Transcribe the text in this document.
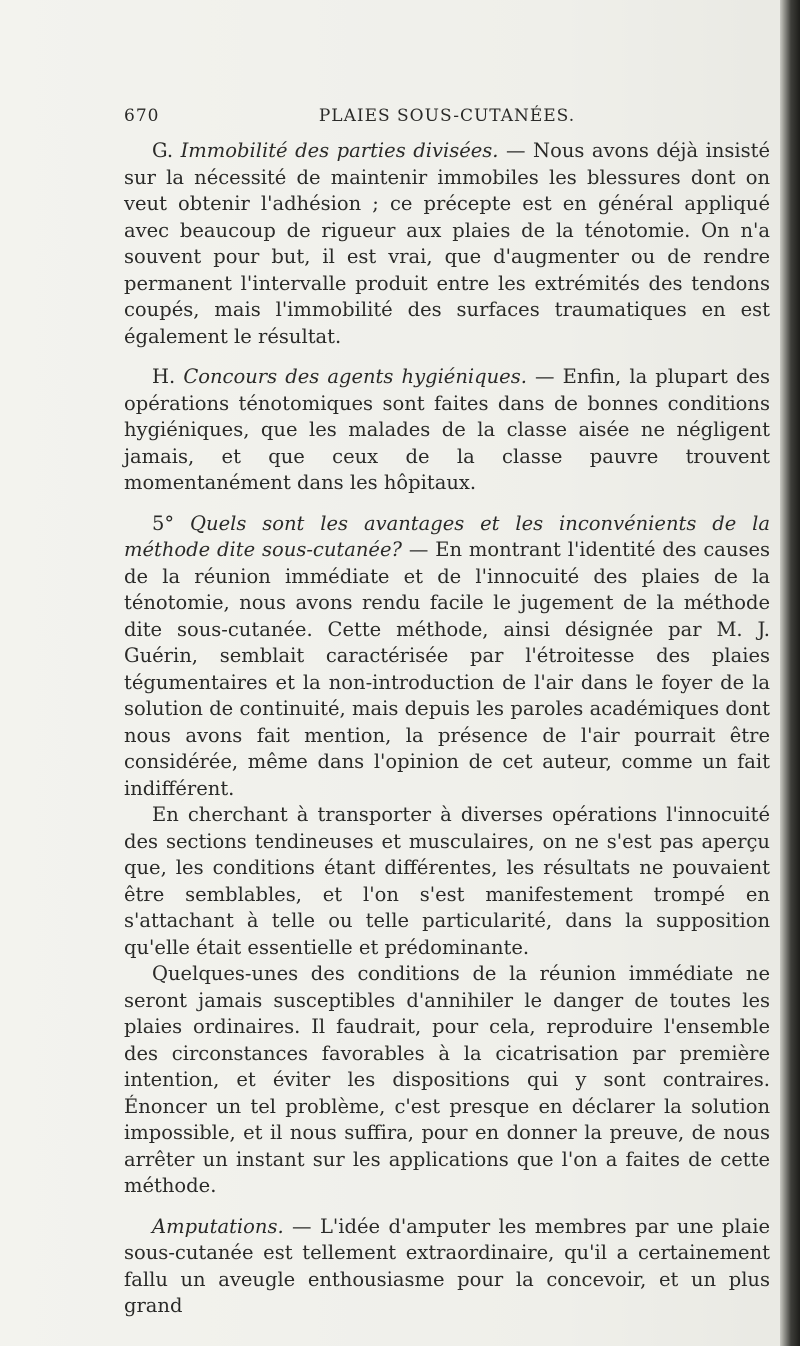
670	PLAIES SOUS-CUTANÉES.

G. Immobilité des parties divisées. — Nous avons déjà insisté sur la nécessité de maintenir immobiles les blessures dont on veut obtenir l'adhésion ; ce précepte est en général appliqué avec beaucoup de rigueur aux plaies de la ténotomie. On n'a souvent pour but, il est vrai, que d'augmenter ou de rendre permanent l'intervalle produit entre les extrémités des tendons coupés, mais l'immobilité des surfaces traumatiques en est également le résultat.

H. Concours des agents hygiéniques. — Enfin, la plupart des opérations ténotomiques sont faites dans de bonnes conditions hygiéniques, que les malades de la classe aisée ne négligent jamais, et que ceux de la classe pauvre trouvent momentanément dans les hôpitaux.

5° Quels sont les avantages et les inconvénients de la méthode dite sous-cutanée? — En montrant l'identité des causes de la réunion immédiate et de l'innocuité des plaies de la ténotomie, nous avons rendu facile le jugement de la méthode dite sous-cutanée. Cette méthode, ainsi désignée par M. J. Guérin, semblait caractérisée par l'étroitesse des plaies tégumentaires et la non-introduction de l'air dans le foyer de la solution de continuité, mais depuis les paroles académiques dont nous avons fait mention, la présence de l'air pourrait être considérée, même dans l'opinion de cet auteur, comme un fait indifférent.

En cherchant à transporter à diverses opérations l'innocuité des sections tendineuses et musculaires, on ne s'est pas aperçu que, les conditions étant différentes, les résultats ne pouvaient être semblables, et l'on s'est manifestement trompé en s'attachant à telle ou telle particularité, dans la supposition qu'elle était essentielle et prédominante.

Quelques-unes des conditions de la réunion immédiate ne seront jamais susceptibles d'annihiler le danger de toutes les plaies ordinaires. Il faudrait, pour cela, reproduire l'ensemble des circonstances favorables à la cicatrisation par première intention, et éviter les dispositions qui y sont contraires. Énoncer un tel problème, c'est presque en déclarer la solution impossible, et il nous suffira, pour en donner la preuve, de nous arrêter un instant sur les applications que l'on a faites de cette méthode.

Amputations. — L'idée d'amputer les membres par une plaie sous-cutanée est tellement extraordinaire, qu'il a certainement fallu un aveugle enthousiasme pour la concevoir, et un plus grand
